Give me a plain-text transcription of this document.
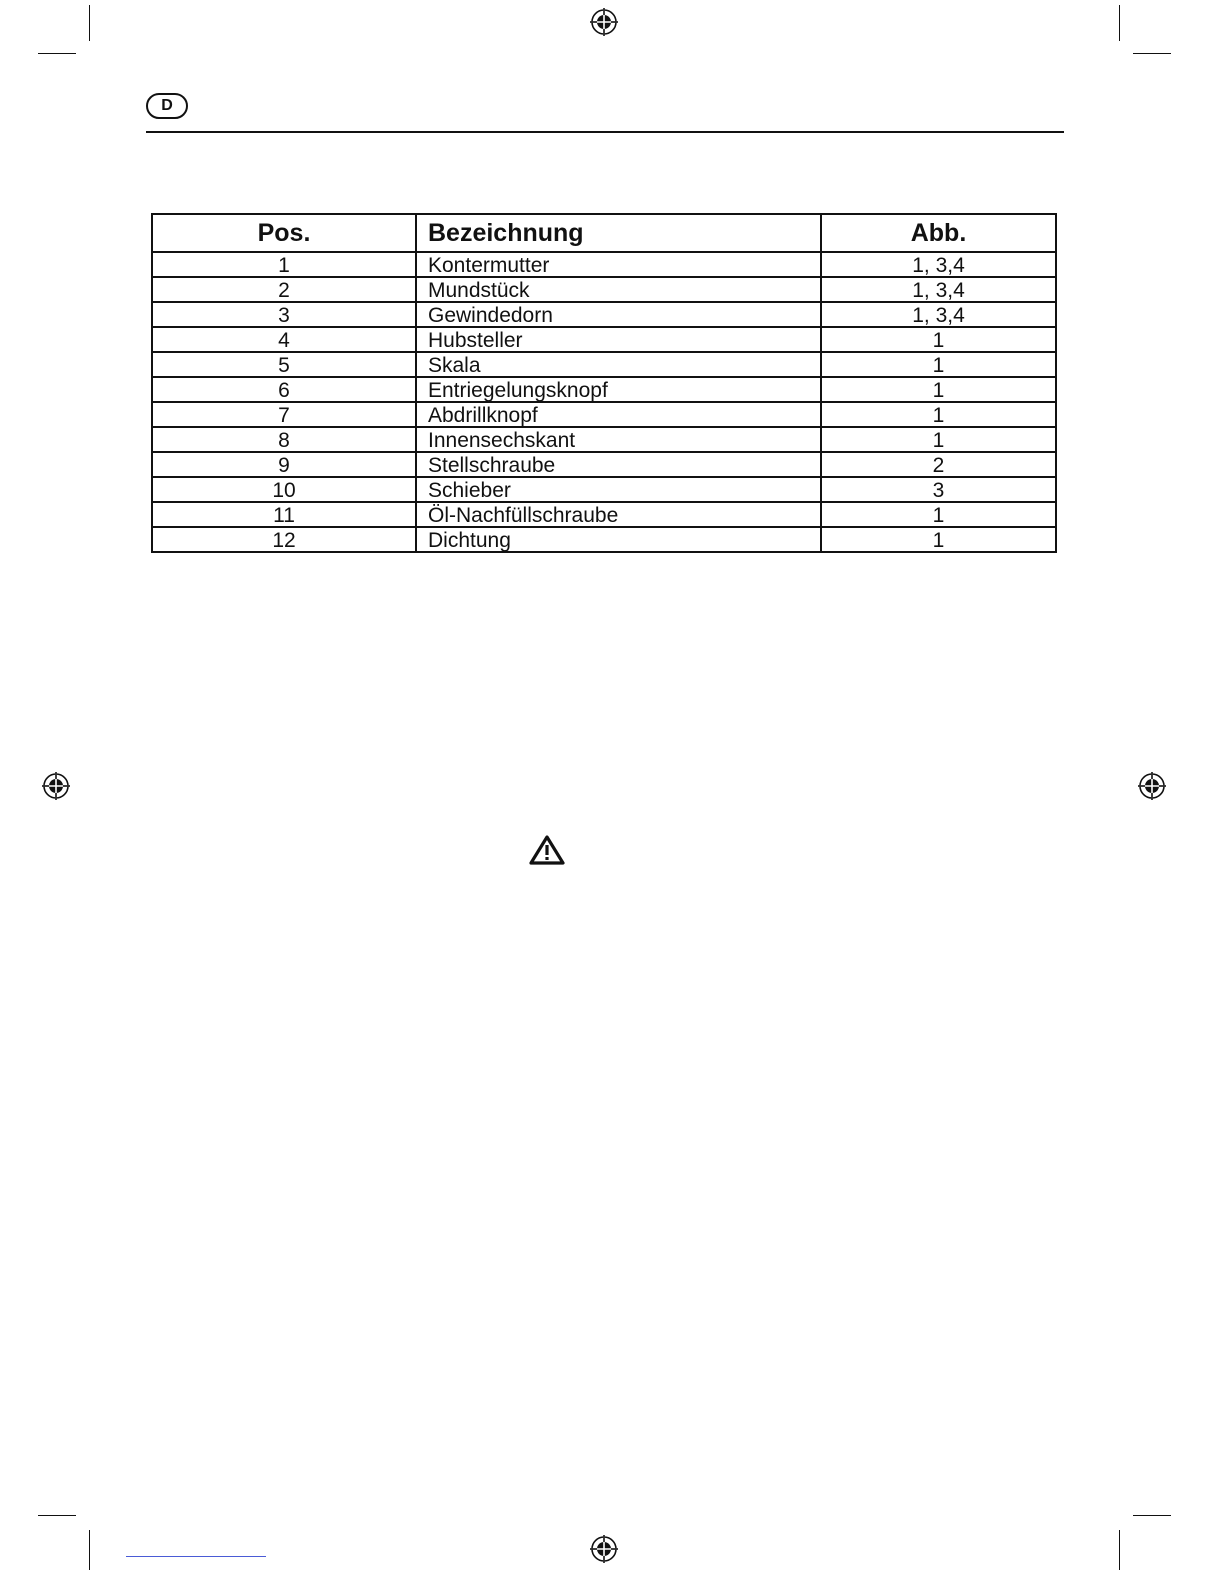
D
Pos.	Bezeichnung	Abb.
1	Kontermutter	1, 3,4
2	Mundstück	1, 3,4
3	Gewindedorn	1, 3,4
4	Hubsteller	1
5	Skala	1
6	Entriegelungsknopf	1
7	Abdrillknopf	1
8	Innensechskant	1
9	Stellschraube	2
10	Schieber	3
11	Öl-Nachfüllschraube	1
12	Dichtung	1
